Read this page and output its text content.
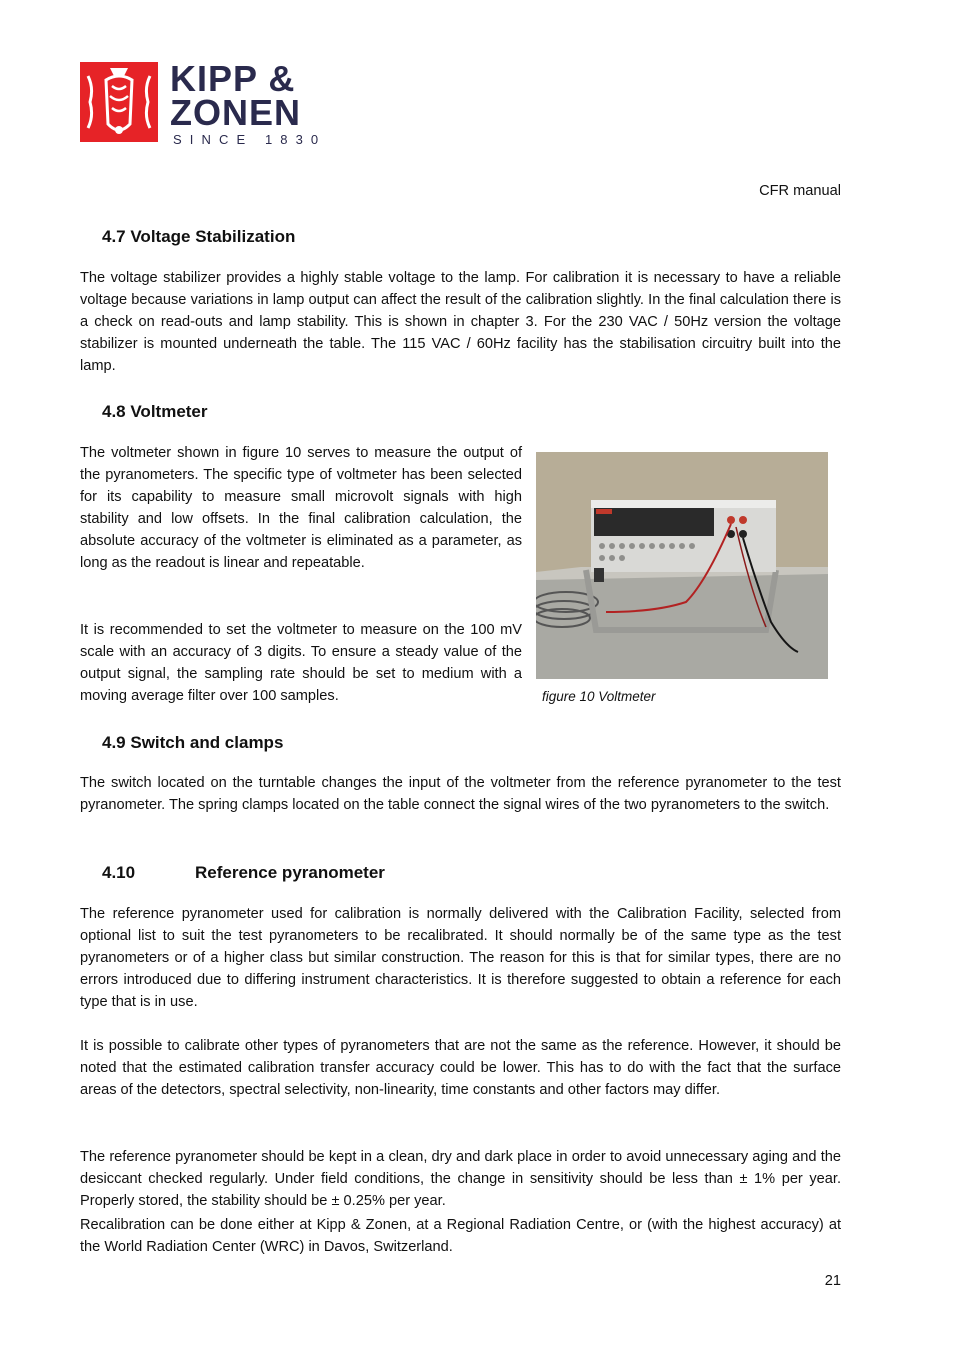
KIPP &
ZONEN
SINCE 1830
CFR manual
4.7 Voltage Stabilization

The voltage stabilizer provides a highly stable voltage to the lamp. For calibration it is necessary to have a reliable voltage because variations in lamp output can affect the result of the calibration slightly. In the final calculation there is a check on read-outs and lamp stability. This is shown in chapter 3. For the 230 VAC / 50Hz version the voltage stabilizer is mounted underneath the table. The 115 VAC / 60Hz facility has the stabilisation circuitry built into the lamp.

4.8 Voltmeter

The voltmeter shown in figure 10 serves to measure the output of the pyranometers. The specific type of voltmeter has been selected for its capability to measure small microvolt signals with high stability and low offsets. In the final calibration calculation, the absolute accuracy of the voltmeter is eliminated as a parameter, as long as the readout is linear and repeatable.

It is recommended to set the voltmeter to measure on the 100 mV scale with an accuracy of 3 digits. To ensure a steady value of the output signal, the sampling rate should be set to medium with a moving average filter over 100 samples.	figure 10 Voltmeter
4.9 Switch and clamps

The switch located on the turntable changes the input of the voltmeter from the reference pyranometer to the test pyranometer. The spring clamps located on the table connect the signal wires of the two pyranometers to the switch.

4.10	Reference pyranometer

The reference pyranometer used for calibration is normally delivered with the Calibration Facility, selected from optional list to suit the test pyranometers to be recalibrated. It should normally be of the same type as the test pyranometers or of a higher class but similar construction. The reason for this is that for similar types, there are no errors introduced due to differing instrument characteristics. It is therefore suggested to obtain a reference for each type that is in use.

It is possible to calibrate other types of pyranometers that are not the same as the reference. However, it should be noted that the estimated calibration transfer accuracy could be lower. This has to do with the fact that the surface areas of the detectors, spectral selectivity, non-linearity, time constants and other factors may differ.

The reference pyranometer should be kept in a clean, dry and dark place in order to avoid unnecessary aging and the desiccant checked regularly. Under field conditions, the change in sensitivity should be less than ± 1% per year. Properly stored, the stability should be ± 0.25% per year.

Recalibration can be done either at Kipp & Zonen, at a Regional Radiation Centre, or (with the highest accuracy) at the World Radiation Center (WRC) in Davos, Switzerland.

21
